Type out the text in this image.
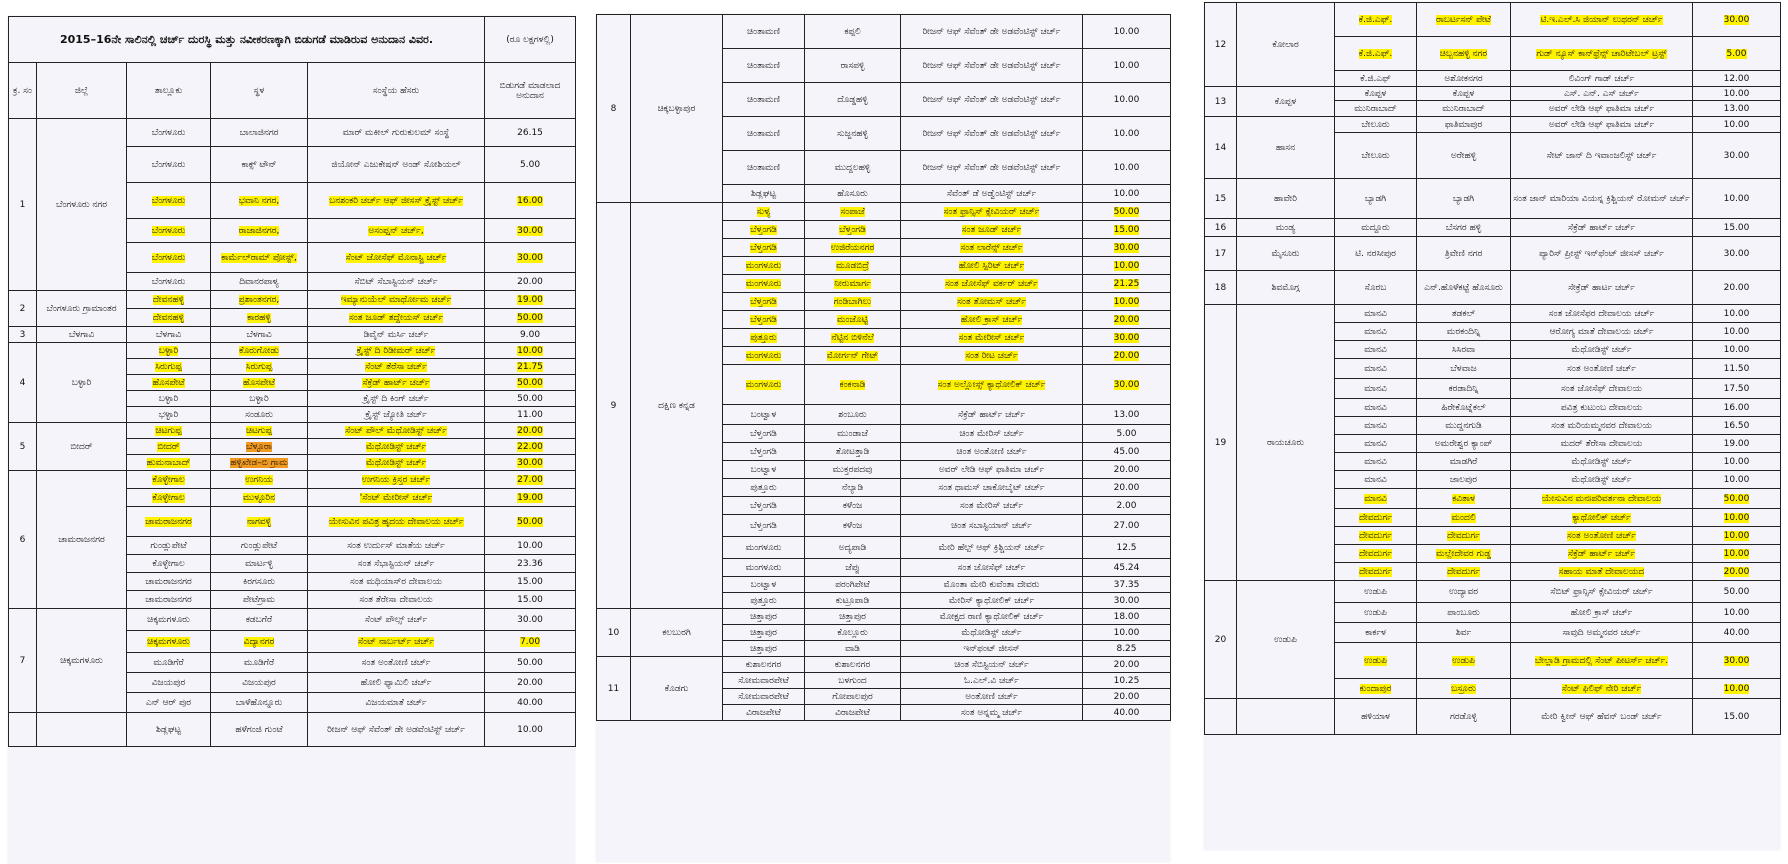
2015–16ನೇ ಸಾಲಿನಲ್ಲಿ ಚರ್ಚ್ ದುರಸ್ಥಿ ಮತ್ತು ನವೀಕರಣಕ್ಕಾಗಿ ಬಿಡುಗಡೆ ಮಾಡಿರುವ ಅನುದಾನ ವಿವರ.					(ರೂ ಲಕ್ಷಗಳಲ್ಲಿ)
ಕ್ರ. ಸಂ	ಜಿಲ್ಲೆ	ತಾಲ್ಲೂಕು	ಸ್ಥಳ	ಸಂಸ್ಥೆಯ ಹೆಸರು	ಬಿಡುಗಡೆ ಮಾಡಲಾದ ಅನುದಾನ
1	ಬೆಂಗಳೂರು ನಗರ	ಬೆಂಗಳೂರು	ಬಾಲಾಜಿನಗರ	ಮಾರ್ ಮಕೀಲ್ ಗುರುಕುಲಮ್ ಸಂಸ್ಥೆ	26.15
		ಬೆಂಗಳೂರು	ಕಾಕ್ಸ್ ಟೌನ್	ಜಿಯೋನ್ ಎಜುಕೇಷನ್ ಅಂಡ್ ಸೋಶಿಯಲ್	5.00
		ಬೆಂಗಳೂರು	ಭವಾನಿ ನಗರ,	ಬನಶಂಕರಿ ಚರ್ಚ್ ಆಫ್ ಜೀಸಸ್ ಕ್ರೈಸ್ಟ್ ಚರ್ಚ್	16.00
		ಬೆಂಗಳೂರು	ರಾಜಾಜಿನಗರ,	ಅಸಂಪ್ಷನ್ ಚರ್ಚ್,	30.00
		ಬೆಂಗಳೂರು	ಕಾರ್ಮೆಲ್‌ರಾಮ್ ಪೋಸ್ಟ್,	ಸೆಂಟ್ ಜೋಸೆಫ್ ಮೊನಾಸ್ಟ್ರಿ ಚರ್ಚ್	30.00
		ಬೆಂಗಳೂರು	ದಿವಾನರಪಾಳ್ಯ	ಸೆಬಿಟ್ ಸೆಬಾಸ್ಟಿಯನ್ ಚರ್ಚ್	20.00
2	ಬೆಂಗಳೂರು ಗ್ರಾಮಾಂತರ	ದೇವನಹಳ್ಳಿ	ಪ್ರಶಾಂತನಗರ,	ಇಮ್ಯಾನುಯೆಲ್ ಮಾರ್ಥೋಮ ಚರ್ಚ್	19.00
		ದೇವನಹಳ್ಳಿ	ಕಾರಹಳ್ಳಿ	ಸಂತ ಜೂಡ್ ತದ್ದೇಯಸ್ ಚರ್ಚ್	50.00
3	ಬೆಳಗಾವಿ	ಬೆಳಗಾವಿ	ಬೆಳಗಾವಿ	ಡಿವೈನ್ ಮರ್ಸಿ ಚರ್ಚ್	9.00
4	ಬಳ್ಳಾರಿ	ಬಳ್ಳಾರಿ	ಕೊರುಗೋಡು	ಕ್ರೈಸ್ಟ್ ದಿ ರಿಡೀಮರ್ ಚರ್ಚ್	10.00
		ಸಿರುಗುಪ್ಪ	ಸಿರುಗುಪ್ಪ	ಸೆಂಟ್ ತೆರೆಸಾ ಚರ್ಚ್	21.75
		ಹೊಸಪೇಟೆ	ಹೊಸಪೇಟೆ	ಸೆಕ್ರೆಡ್ ಹಾರ್ಟ್ ಚರ್ಚ್	50.00
		ಬಳ್ಳಾರಿ	ಬಳ್ಳಾರಿ	ಕ್ರೈಸ್ಟ್ ದಿ ಕಿಂಗ್ ಚರ್ಚ್	50.00
		ಭಳ್ಳಾರಿ	ಸಂಡೂರು	ಕ್ರೈಸ್ಟ್ ಜ್ಯೋತಿ ಚರ್ಚ್	11.00
5	ಬೀದರ್	ಚಿಟಗುಪ್ಪ	ಚಿಟಗುಪ್ಪ	ಸೆಂಟ್ ಪೌಲ್ ಮೆಥೋಡಿಸ್ಟ್ ಚರ್ಚ್	20.00
		ಬೀದರ್	ಬೆಳ್ಳೂರಾ	ಮೆಥೋಡಿಸ್ಟ್ ಚರ್ಚ್	22.00
		ಹುಮನಾಬಾದ್	ಹಳ್ಳಿಖೇಡ–ಬಿ ಗ್ರಾಮ	ಮೆಥೋಡಿಸ್ಟ್ ಚರ್ಚ್	30.00
6	ಚಾಮರಾಜನಗರ	ಕೊಳ್ಳೇಗಾಲ	ಉಗನಿಯ	ಉಗನಿಯ ಕ್ರಿಸ್ತರ ಚರ್ಚ್	27.00
		ಕೊಳ್ಳೇಗಾಲ	ಮುಳ್ಳೂರಿನ	'ಸೆಂಟ್ ಮೇರೀಸ್ ಚರ್ಚ್	19.00
		ಚಾಮರಾಜನಗರ	ನಾಗವಳ್ಳಿ	ಯೇಸುವಿನ ಪವಿತ್ರ ಹೃದಯ ದೇವಾಲಯ ಚರ್ಚ್	50.00
		ಗುಂಡ್ಲುಪೇಟೆ	ಗುಂಡ್ಲುಪೇಟೆ	ಸಂತ ಉರ್ದುಸ್ ಮಾತೆಯ ಚರ್ಚ್	10.00
		ಕೊಳ್ಳೇಗಾಲ	ಮಾರ್ಟಳ್ಳಿ	ಸಂತ ಸೆಭಾಸ್ಟಿಯನ್ ಚರ್ಚ್	23.36
		ಚಾಮರಾಜನಗರ	ಕಿರಗಸೂರು	ಸಂತ ಮಥಿಯಾಸ್‌ರ ದೇವಾಲಯ	15.00
		ಚಾಮರಾಜನಗರ	ಪೇಟೆಗ್ರಾಮ	ಸಂತ ತೆರೇಸಾ ದೇವಾಲಯ	15.00
7	ಚಿಕ್ಕಮಗಳೂರು	ಚಿಕ್ಕಮಗಳೂರು	ಕಡಬಗೆರೆ	ಸೆಂಟ್ ಪೌಲ್ಸ್ ಚರ್ಚ್	30.00
		ಚಿಕ್ಕಮಗಳೂರು	ವಿದ್ಯಾನಗರ	ಸೆಂಟ್ ನಾರ್ಬರ್ಟ್ ಚರ್ಚ್	7.00
		ಮೂಡಿಗೆರೆ	ಮೂಡಿಗೆರೆ	ಸಂತ ಅಂತೋಣಿ ಚರ್ಚ್	50.00
		ವಿಜಯಪುರ	ವಿಜಯಪುರ	ಹೋಲಿ ಫ್ಯಾಮಿಲಿ ಚರ್ಚ್	20.00
		ಎನ್ ಆರ್ ಪುರ	ಬಾಳೆಹೊನ್ನೂರು	ವಿಜಯಮಾತೆ ಚರ್ಚ್	40.00
		ಶಿಡ್ಲಘಟ್ಟ	ಹಳೆಗಂಜಿ ಗುಂಟೆ	ರೀಜನ್ ಆಫ್ ಸೆವೆಂತ್ ಡೇ ಅಡವೆಂಟಿಸ್ಟ್ ಚರ್ಚ್	10.00
8	ಚಿಕ್ಕಬಳ್ಳಾಪುರ	ಚಿಂತಾಮಣಿ	ಕಪ್ಪಲಿ	ರೀಜನ್ ಆಫ್ ಸೆವೆಂತ್ ಡೇ ಅಡವೆಂಟಿಸ್ಟ್ ಚರ್ಚ್	10.00
		ಚಿಂತಾಮಣಿ	ರಾಸಪಳ್ಳಿ	ರೀಜನ್ ಆಫ್ ಸೆವೆಂತ್ ಡೇ ಅಡವೆಂಟಿಸ್ಟ್ ಚರ್ಚ್	10.00
		ಚಿಂತಾಮಣಿ	ದೊಡ್ಡಹಳ್ಳಿ	ರೀಜನ್ ಆಫ್ ಸೆವೆಂತ್ ಡೇ ಅಡವೆಂಟಿಸ್ಟ್ ಚರ್ಚ್	10.00
		ಚಿಂತಾಮಣಿ	ಸುಜ್ಜನಹಳ್ಳಿ	ರೀಜನ್ ಆಫ್ ಸೆವೆಂತ್ ಡೇ ಅಡವೆಂಟಿಸ್ಟ್ ಚರ್ಚ್	10.00
		ಚಿಂತಾಮಣಿ	ಮುದ್ದಲಹಳ್ಳಿ	ರೀಜನ್ ಆಫ್ ಸೆವೆಂತ್ ಡೇ ಅಡವೆಂಟಿಸ್ಟ್ ಚರ್ಚ್	10.00
		ಶಿಡ್ಲಘಟ್ಟ	ಹೊಸೂರು	ಸೆವೆಂತ್ ಡೆ ಅಡ್ವೆಂಟಿಸ್ಟ್ ಚರ್ಚ್	10.00
9	ದಕ್ಷಿಣ ಕನ್ನಡ	ಸುಳ್ಯ	ಸಂಪಾಜೆ	ಸಂತ ಫ್ರಾನ್ಸಿಸ್ ಕ್ಸೇವಿಯರ್ ಚರ್ಚ್	50.00
		ಬೆಳ್ತಂಗಡಿ	ಬೆಳ್ತಂಗಡಿ	ಸಂತ ಜೂಡ್ ಚರ್ಚ್	15.00
		ಬೆಳ್ತಂಗಡಿ	ಉಜಿರೆಯನಗರ	ಸಂತ ಲಾರೆನ್ಸ್ ಚರ್ಚ್	30.00
		ಮಂಗಳೂರು	ಮೂಡಬಿದ್ರೆ	ಹೋಲಿ ಸ್ಪಿರಿಟ್ ಚರ್ಚ್	10.00
		ಮಂಗಳೂರು	ನೀರುಮಾರ್ಗ	ಸಂತ ಜೋಸೆಫ್ ವರ್ಕರ್ ಚರ್ಚ್	21.25
		ಬೆಳ್ತಂಗಡಿ	ಗಂಡಿಬಾಗಿಲು	ಸಂತ ತೋಮಸ್ ಚರ್ಚ್	10.00
		ಬೆಳ್ತಂಗಡಿ	ಮಂಜೊಟ್ಟಿ	ಹೋಲಿ ಕ್ರಾಸ್ ಚರ್ಚ್	20.00
		ಪುತ್ತೂರು	ನೆಟ್ಟಿನ ಬಿಳಿನೆಲೆ	ಸಂತ ಮೇರೀಸ್ ಚರ್ಚ್	30.00
		ಮಂಗಳೂರು	ಮೋರ್ಗನ್ ಗೇಟ್	ಸಂತ ರೀಟ ಚರ್ಚ್	20.00
		ಮಂಗಳೂರು	ಕಂಕನಾಡಿ	ಸಂತ ಅಲ್ಲೋಸ್ಸ್ ಕ್ಯಾಥೋಲಿಕ್ ಚರ್ಚ್	30.00
		ಬಂಟ್ವಾಳ	ಶಂಬೂರು	ಸೆಕ್ರೆಡ್ ಹಾರ್ಟ್ ಚರ್ಚ್	13.00
		ಬೆಳ್ತಂಗಡಿ	ಮುಂಡಾಜೆ	ಚಿಂತ ಮೇರಿಸ್ ಚರ್ಚ್	5.00
		ಬೆಳ್ತಂಗಡಿ	ತೋಟತ್ತಾಡಿ	ಚಿಂತ ಅಂತೋಣಿ ಚರ್ಚ್	45.00
		ಬಂಟ್ವಾಳ	ಮುಕ್ತರಪದವು	ಅವರ್ ಲೇಡಿ ಆಫ್ ಫಾತಿಮಾ ಚರ್ಚ್	20.00
		ಪುತ್ತೂರು	ನೆಲ್ಯಾಡಿ	ಸಂತ ಥಾಮಸ್ ಚಾಕೋಬೈಟ್ ಚರ್ಚ್	20.00
		ಬೆಳ್ತಂಗಡಿ	ಕಳೆಂಜ	ಸಂತ ಮೇರಿಸ್ ಚರ್ಚ್	2.00
		ಬೆಳ್ತಂಗಡಿ	ಕಳೆಂಜ	ಚಿಂತ ಸಬಾಸ್ಟಿಯಾನ್ ಚರ್ಚ್	27.00
		ಮಂಗಳೂರು	ಅದ್ಯಪಾಡಿ	ಮೇರಿ ಹೆಲ್ಪ್ ಆಫ್ ಕ್ರಿಶ್ಚಿಯನ್ ಚರ್ಚ್	12.5
		ಮಂಗಳೂರು	ಜೆಪ್ಪು	ಸಂತ ಜೋಸೆಫ್ ಚರ್ಚ್	45.24
		ಬಂಟ್ವಾಳ	ಪರಂಗಿಪೇಟೆ	ಮೊಂತಾ ಮೇರಿ ಕುವೆಂತಾ ದೇವರು	37.35
		ಪುತ್ತೂರು	ಕುಟ್ರೂಪಾಡಿ	ಮೇರಿಸ್ ಕ್ಯಾಥೋಲಿಕ್ ಚರ್ಚ್	30.00
10	ಕಲಬುರಗಿ	ಚಿತ್ತಾಪುರ	ಚಿತ್ತಾಪುರ	ಮೋಕ್ಷದ ರಾಣಿ ಕ್ಯಾಥೋಲಿಕ್ ಚರ್ಚ್	18.00
		ಚಿತ್ತಾಪುರ	ಕೊಲ್ಲೂರು	ಮೆಥೋಡಿಸ್ಟ್ ಚರ್ಚ್	10.00
		ಚಿತ್ತಾಪುರ	ವಾಡಿ	ಇನ್‌ಫಂಟ್ ಜೀಸಸ್	8.25
11	ಕೊಡಗು	ಕುಶಾಲನಗರ	ಕುಶಾಲನಗರ	ಚಿಂತ ಸೆಬಿಸ್ಟಿಯನ್ ಚರ್ಚ್	20.00
		ಸೋಮವಾರಪೇಟೆ	ಬಳಗುಂದ	ಓ.ಎಲ್.ವಿ ಚರ್ಚ್	10.25
		ಸೋಮವಾರಪೇಟೆ	ಗೋಪಾಲಪುರ	ಅಂತೋಣಿ ಚರ್ಚ್	20.00
		ವಿರಾಜಪೇಟೆ	ವಿರಾಜಪೇಟೆ	ಸಂತ ಅನ್ನಮ್ಮ ಚರ್ಚ್	40.00
12	ಕೋಲಾರ	ಕೆ.ಜಿ.ಎಫ್.	ರಾಬರ್ಟಸನ್ ಪೇಟೆ	ಟಿ.ಇ.ಎಲ್.ಸಿ ಜಿಯಾನ್ ಲುಥರನ್ ಚರ್ಚ್	30.00
		ಕೆ.ಜಿ.ಎಫ್.	ಚಿಬ್ಬನಹಳ್ಳಿ ನಗರ	ಗುಡ್ ನ್ಯೂಸ್ ಕಾನ್‌ಫ್ರೆನ್ಸ್ ಚಾರಿಟೇಬಲ್ ಟ್ರಸ್ಟ್	5.00
		ಕೆ.ಜಿ.ಎಫ್	ಅಶೋಕನಗರ	ಲಿವಿಂಗ್ ಗಾಡ್ ಚರ್ಚ್	12.00
13	ಕೊಪ್ಪಳ	ಕೊಪ್ಪಳ	ಕೊಪ್ಪಳ	ಎಸ್. ಎನ್. ಎಸ್ ಚರ್ಚ್	10.00
		ಮುನಿರಾಬಾದ್	ಮುನಿರಾಬಾದ್	ಅವರ್ ಲೇಡಿ ಆಫ್ ಫಾತಿಮಾ ಚರ್ಚ್	13.00
14	ಹಾಸನ	ಬೇಲೂರು	ಫಾತಿಮಾಪುರ	ಅವರ್ ಲೇಡಿ ಆಫ್ ಫಾತಿಮಾ ಚರ್ಚ್	10.00
		ಬೇಲೂರು	ಅರೇಹಳ್ಳಿ	ಸೇಟ್ ಜಾನ್ ದಿ ಇವಾಂಜಲಿಸ್ಟ್ ಚರ್ಚ್	30.00
15	ಹಾವೇರಿ	ಬ್ಯಾಡಗಿ	ಬ್ಯಾಡಗಿ	ಸಂತ ಜಾನ್ ಮಾರಿಯಾ ವಿಯನ್ನ ಕ್ರಿಶ್ಚಿಯನ್ ರೋಮನ್ ಚರ್ಚ್	10.00
16	ಮಂಡ್ಯ	ಮದ್ದೂರು	ಬೆಸಗರ ಹಳ್ಳಿ	ಸೆಕ್ರೆಡ್ ಹಾರ್ಟ್ ಚರ್ಚ್	15.00
17	ಮೈಸೂರು	ಟಿ. ನರಸೀಪುರ	ತ್ರಿವೇಣಿ ನಗರ	ಪ್ಯಾರಿಸ್ ಪ್ರೀಸ್ಟ್ ಇನ್‌ಫೆಂಟ್ ಜೀಸಸ್ ಚರ್ಚ್	30.00
18	ಶಿವಮೊಗ್ಗ	ಸೊರಬ	ಎನ್.ಹೊಳೆಕಟ್ಟೆ ಹೊಸೂರು	ಸೇಕ್ರೆಡ್ ಹಾರ್ಟ ಚರ್ಚ್	20.00
19	ರಾಯಚೂರು	ಮಾನವಿ	ತಡಕಲ್	ಸಂತ ಜೋಸೆಫರ ದೇವಾಲಯ ಚರ್ಚ್	10.00
		ಮಾನವಿ	ಮರಕಂದಿನ್ನಿ	ಆರೋಗ್ಯ ಮಾತೆ ದೇವಾಲಯ ಚರ್ಚ್	10.00
		ಮಾನವಿ	ಸಿಸಿರವಾ	ಮೆಥೋಡಿಸ್ಟ್ ಚರ್ಚ್	10.00
		ಮಾನವಿ	ಬೆಳವಾಜ	ಸಂತ ಅಂತೋಣಿ ಚರ್ಚ್	11.50
		ಮಾನವಿ	ಕರಡಾದಿನ್ನಿ	ಸಂತ ಜೋಸೆಫ್ ದೇವಾಲಯ	17.50
		ಮಾನವಿ	ಹಿರೇಕೊಟ್ನೆಕಲ್	ಪವಿತ್ರ ಕುಟುಂಬ ದೇವಾಲಯ	16.00
		ಮಾನವಿ	ಮುದ್ದನಗುಡಿ	ಸಂತ ಮರಿಯಮ್ಮನವರ ದೇವಾಲಯ	16.50
		ಮಾನವಿ	ಅಮರೇಶ್ವರ ಕ್ಯಾಂಪ್	ಮದರ್ ತೆರೇಸಾ ದೇವಾಲಯ	19.00
		ಮಾನವಿ	ಮಾಡಗಿರೆ	ಮೆಥೋಡಿಸ್ಟ್ ಚರ್ಚ್	10.00
		ಮಾನವಿ	ಜಾಲಪುರ	ಮೆಥೋಡಿಸ್ಟ್ ಚರ್ಚ್	10.00
		ಮಾನವಿ	ಕವಿತಾಳ	ಯೇಸುವಿನ ಮನಃಪರಿವರ್ತನಾ ದೇವಾಲಯ	50.00
		ದೇವದುರ್ಗ	ಮಂದಲಿ	ಕ್ಯಾಥೋಲಿಕ್ ಚರ್ಚ್	10.00
		ದೇವದುರ್ಗ	ದೇವದುರ್ಗ	ಸಂತ ಅಂತೋಣಿ ಚರ್ಚ್	10.00
		ದೇವದುರ್ಗ	ಮಲ್ಲೇದೇವರ ಗುಡ್ಡ	ಸೆಕ್ರೆಡ್ ಹಾರ್ಟ್ ಚರ್ಚ್	10.00
		ದೇವದುರ್ಗ	ದೇವದುರ್ಗ	ಸಹಾಯ ಮಾತೆ ದೇವಾಲಯದ	20.00
20	ಉಡುಪಿ	ಉಡುಪಿ	ಉದ್ಯಾವರ	ಸೆಬಿಟ್ ಫ್ರಾನ್ಸಿಸ್ ಕ್ಸೇವಿಯರ್ ಚರ್ಚ್	50.00
		ಉಡುಪಿ	ಪಾಂಬೂರು	ಹೋಲಿ ಕ್ರಾಸ್ ಚರ್ಚ್	10.00
		ಕಾರ್ಕಳ	ಶಿರ್ವ	ಸಾವುದಿ ಅಮ್ಮನವರ ಚರ್ಚ್	40.00
		ಉಡುಪಿ	ಉಡುಪಿ	ಬೇಲ್ಲಾಡಿ ಗ್ರಾಮದಲ್ಲಿ ಸೆಂಟ್ ಪೀಟರ್ಸ್ ಚರ್ಚ್.	30.00
		ಕುಂದಾಪುರ	ಬಸ್ರೂರು	ಸೆಂಟ್ ಫಿಲಿಫ್ ನೇರಿ ಚರ್ಚ್	10.00
		ಹಳಿಯಾಳ	ಗರಡೊಳ್ಳಿ	ಮೇರಿ ಕ್ವೀನ್ ಆಫ್ ಹೆವನ್ ಬಂಡ್ ಚರ್ಚ್	15.00
